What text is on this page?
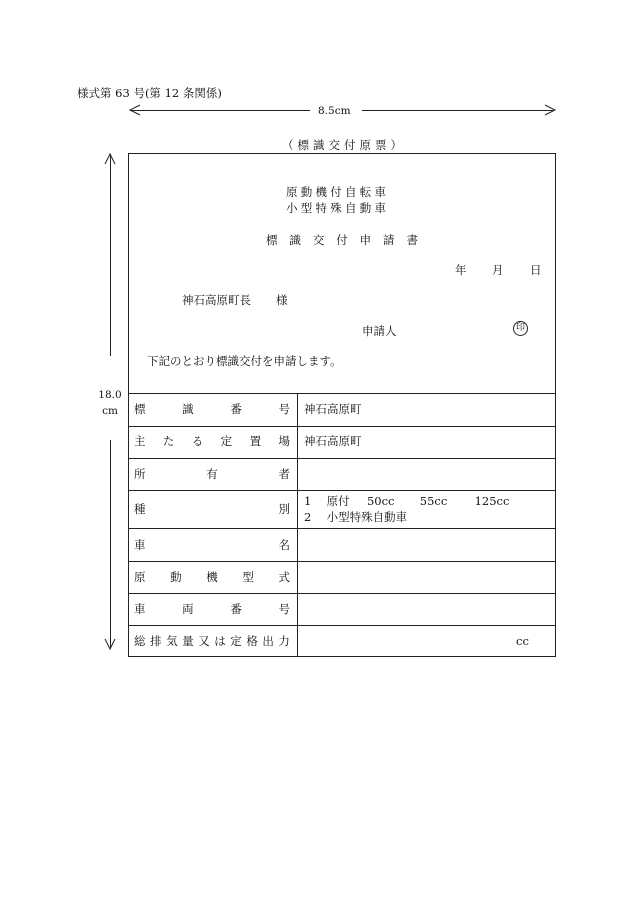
様式第 63 号(第 12 条関係)
8.5cm
18.0
cm
（ 標 識 交 付 原 票 ）
原 動 機 付 自 転 車
小 型 特 殊 自 動 車
標 識 交 付 申 請 書
年 月 日
神石高原町長 様
申請人	印
下記のとおり標識交付を申請します。
標	識	番	号 神石高原町
主 た る 定 置 場 神石高原町
所	有	者
種	別
1 原付 50cc 55cc 125cc
2 小型特殊自動車
車	名
原 動 機 型 式
車	両	番	号
総 排 気 量 又 は 定 格 出 力	cc
